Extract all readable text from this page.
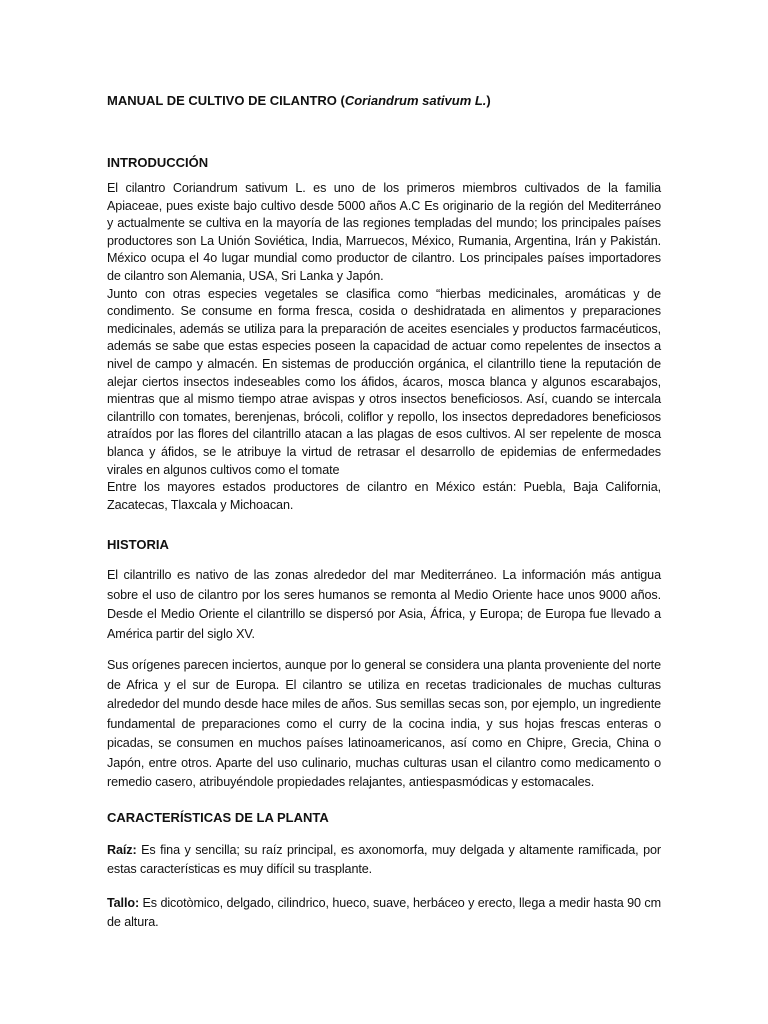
MANUAL DE CULTIVO DE CILANTRO (Coriandrum sativum L.)
INTRODUCCIÓN

El cilantro Coriandrum sativum L. es uno de los primeros miembros cultivados de la familia Apiaceae, pues existe bajo cultivo desde 5000 años A.C Es originario de la región del Mediterráneo y actualmente se cultiva en la mayoría de las regiones templadas del mundo; los principales países productores son La Unión Soviética, India, Marruecos, México, Rumania, Argentina, Irán y Pakistán. México ocupa el 4o lugar mundial como productor de cilantro. Los principales países importadores de cilantro son Alemania, USA, Sri Lanka y Japón.

Junto con otras especies vegetales se clasifica como “hierbas medicinales, aromáticas y de condimento. Se consume en forma fresca, cosida o deshidratada en alimentos y preparaciones medicinales, además se utiliza para la preparación de aceites esenciales y productos farmacéuticos, además se sabe que estas especies poseen la capacidad de actuar como repelentes de insectos a nivel de campo y almacén. En sistemas de producción orgánica, el cilantrillo tiene la reputación de alejar ciertos insectos indeseables como los áfidos, ácaros, mosca blanca y algunos escarabajos, mientras que al mismo tiempo atrae avispas y otros insectos beneficiosos. Así, cuando se intercala cilantrillo con tomates, berenjenas, brócoli, coliflor y repollo, los insectos depredadores beneficiosos atraídos por las flores del cilantrillo atacan a las plagas de esos cultivos. Al ser repelente de mosca blanca y áfidos, se le atribuye la virtud de retrasar el desarrollo de epidemias de enfermedades virales en algunos cultivos como el tomate

Entre los mayores estados productores de cilantro en México están: Puebla, Baja California, Zacatecas, Tlaxcala y Michoacan.

HISTORIA

El cilantrillo es nativo de las zonas alrededor del mar Mediterráneo. La información más antigua sobre el uso de cilantro por los seres humanos se remonta al Medio Oriente hace unos 9000 años. Desde el Medio Oriente el cilantrillo se dispersó por Asia, África, y Europa; de Europa fue llevado a América partir del siglo XV.

Sus orígenes parecen inciertos, aunque por lo general se considera una planta proveniente del norte de Africa y el sur de Europa. El cilantro se utiliza en recetas tradicionales de muchas culturas alrededor del mundo desde hace miles de años. Sus semillas secas son, por ejemplo, un ingrediente fundamental de preparaciones como el curry de la cocina india, y sus hojas frescas enteras o picadas, se consumen en muchos países latinoamericanos, así como en Chipre, Grecia, China o Japón, entre otros. Aparte del uso culinario, muchas culturas usan el cilantro como medicamento o remedio casero, atribuyéndole propiedades relajantes, antiespasmódicas y estomacales.

CARACTERÍSTICAS DE LA PLANTA

Raíz: Es fina y sencilla; su raíz principal, es axonomorfa, muy delgada y altamente ramificada, por estas características es muy difícil su trasplante.

Tallo: Es dicotòmico, delgado, cilindrico, hueco, suave, herbáceo y erecto, llega a medir hasta 90 cm de altura.
